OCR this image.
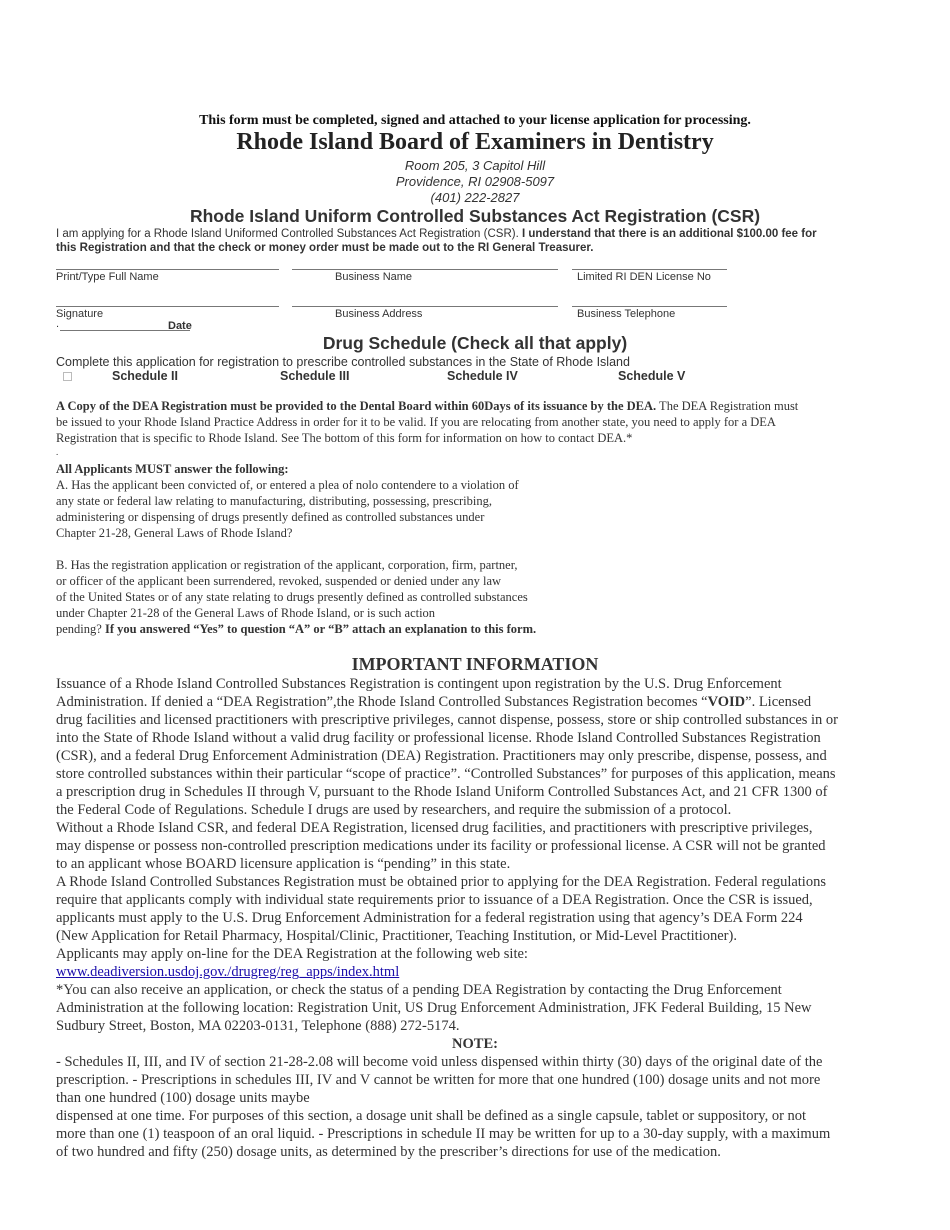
This form must be completed, signed and attached to your license application for processing.
Rhode Island Board of Examiners in Dentistry
Room 205, 3 Capitol Hill
Providence, RI 02908-5097
(401) 222-2827
Rhode Island Uniform Controlled Substances Act Registration (CSR)
I am applying for a Rhode Island Uniformed Controlled Substances Act Registration (CSR). I understand that there is an additional $100.00 fee for
this Registration and that the check or money order must be made out to the RI General Treasurer.
Print/Type Full Name	Business Name	Limited RI DEN License No
Signature	Business Address	Business Telephone
.	Date
Drug Schedule (Check all that apply)
Complete this application for registration to prescribe controlled substances in the State of Rhode Island
Schedule II	Schedule III	Schedule IV	Schedule V

A Copy of the DEA Registration must be provided to the Dental Board within 60Days of its issuance by the DEA. The DEA Registration must

be issued to your Rhode Island Practice Address in order for it to be valid. If you are relocating from another state, you need to apply for a DEA

Registration that is specific to Rhode Island. See The bottom of this form for information on how to contact DEA.*

.

All Applicants MUST answer the following:

A. Has the applicant been convicted of, or entered a plea of nolo contendere to a violation of

any state or federal law relating to manufacturing, distributing, possessing, prescribing,

administering or dispensing of drugs presently defined as controlled substances under

Chapter 21-28, General Laws of Rhode Island?

B. Has the registration application or registration of the applicant, corporation, firm, partner,

or officer of the applicant been surrendered, revoked, suspended or denied under any law

of the United States or of any state relating to drugs presently defined as controlled substances

under Chapter 21-28 of the General Laws of Rhode Island, or is such action

pending? If you answered “Yes” to question “A” or “B” attach an explanation to this form.

IMPORTANT INFORMATION

Issuance of a Rhode Island Controlled Substances Registration is contingent upon registration by the U.S. Drug Enforcement

Administration. If denied a “DEA Registration”,the Rhode Island Controlled Substances Registration becomes “VOID”. Licensed

drug facilities and licensed practitioners with prescriptive privileges, cannot dispense, possess, store or ship controlled substances in or

into the State of Rhode Island without a valid drug facility or professional license. Rhode Island Controlled Substances Registration

(CSR), and a federal Drug Enforcement Administration (DEA) Registration. Practitioners may only prescribe, dispense, possess, and

store controlled substances within their particular “scope of practice”. “Controlled Substances” for purposes of this application, means

a prescription drug in Schedules II through V, pursuant to the Rhode Island Uniform Controlled Substances Act, and 21 CFR 1300 of

the Federal Code of Regulations. Schedule I drugs are used by researchers, and require the submission of a protocol.

Without a Rhode Island CSR, and federal DEA Registration, licensed drug facilities, and practitioners with prescriptive privileges,

may dispense or possess non-controlled prescription medications under its facility or professional license. A CSR will not be granted

to an applicant whose BOARD licensure application is “pending” in this state.

A Rhode Island Controlled Substances Registration must be obtained prior to applying for the DEA Registration. Federal regulations

require that applicants comply with individual state requirements prior to issuance of a DEA Registration. Once the CSR is issued,

applicants must apply to the U.S. Drug Enforcement Administration for a federal registration using that agency’s DEA Form 224

(New Application for Retail Pharmacy, Hospital/Clinic, Practitioner, Teaching Institution, or Mid-Level Practitioner).

Applicants may apply on-line for the DEA Registration at the following web site:

www.deadiversion.usdoj.gov./drugreg/reg_apps/index.html

*You can also receive an application, or check the status of a pending DEA Registration by contacting the Drug Enforcement

Administration at the following location: Registration Unit, US Drug Enforcement Administration, JFK Federal Building, 15 New

Sudbury Street, Boston, MA 02203-0131, Telephone (888) 272-5174.

NOTE:

- Schedules II, III, and IV of section 21-28-2.08 will become void unless dispensed within thirty (30) days of the original date of the

prescription. - Prescriptions in schedules III, IV and V cannot be written for more that one hundred (100) dosage units and not more

than one hundred (100) dosage units maybe

dispensed at one time. For purposes of this section, a dosage unit shall be defined as a single capsule, tablet or suppository, or not

more than one (1) teaspoon of an oral liquid. - Prescriptions in schedule II may be written for up to a 30-day supply, with a maximum

of two hundred and fifty (250) dosage units, as determined by the prescriber’s directions for use of the medication.
